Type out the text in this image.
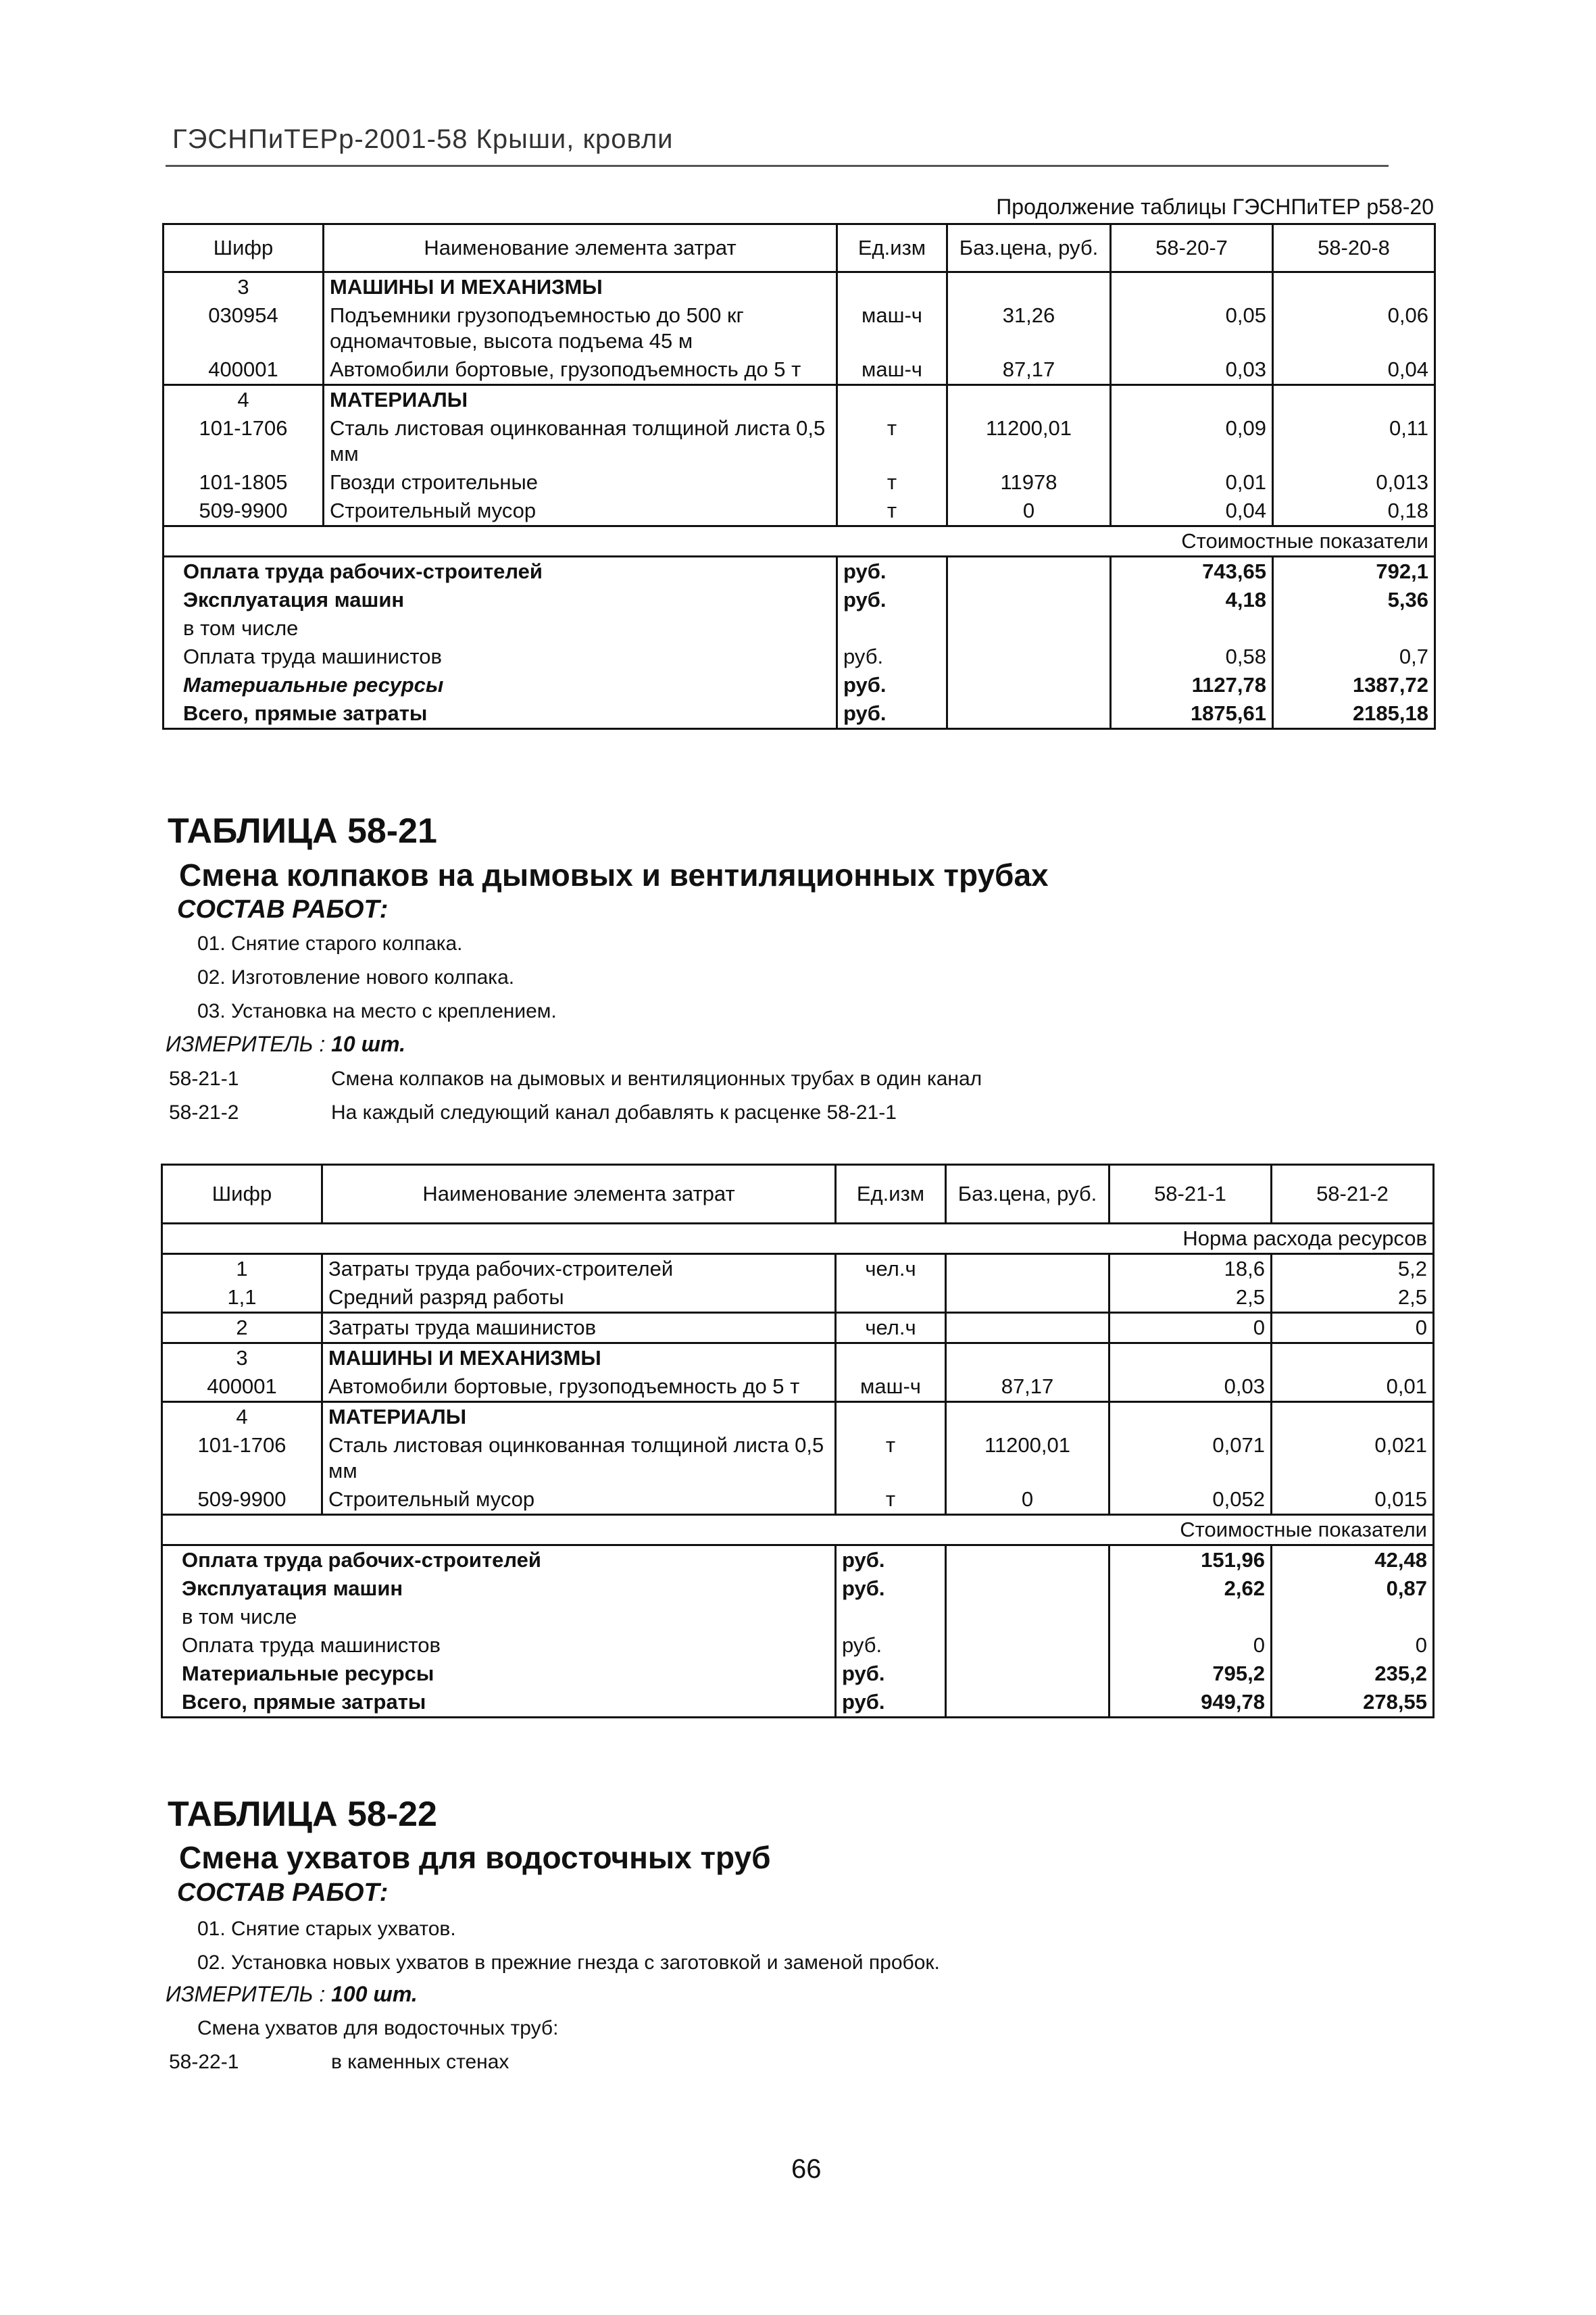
ГЭСНПиТЕРр-2001-58 Крыши, кровли
Продолжение таблицы ГЭСНПиТЕР р58-20
Шифр	Наименование элемента затрат	Ед.изм	Баз.цена, руб.	58-20-7	58-20-8
3	МАШИНЫ И МЕХАНИЗМЫ				
030954	Подъемники грузоподъемностью до 500 кг одномачтовые, высота подъема 45 м	маш-ч	31,26	0,05	0,06
400001	Автомобили бортовые, грузоподъемность до 5 т	маш-ч	87,17	0,03	0,04
4	МАТЕРИАЛЫ				
101-1706	Сталь листовая оцинкованная толщиной листа 0,5 мм	т	11200,01	0,09	0,11
101-1805	Гвозди строительные	т	11978	0,01	0,013
509-9900	Строительный мусор	т	0	0,04	0,18
Стоимостные показатели					
Оплата труда рабочих-строителей		руб.		743,65	792,1
Эксплуатация машин		руб.		4,18	5,36
в том числе					
Оплата труда машинистов		руб.		0,58	0,7
Материальные ресурсы		руб.		1127,78	1387,72
Всего, прямые затраты		руб.		1875,61	2185,18
ТАБЛИЦА 58-21
Смена колпаков на дымовых и вентиляционных трубах
СОСТАВ РАБОТ:
01. Снятие старого колпака.
02. Изготовление нового колпака.
03. Установка на место с креплением.
ИЗМЕРИТЕЛЬ : 10 шт.
58-21-1	Смена колпаков на дымовых и вентиляционных трубах в один канал
58-21-2	На каждый следующий канал добавлять к расценке 58-21-1
Шифр	Наименование элемента затрат	Ед.изм	Баз.цена, руб.	58-21-1	58-21-2
Норма расхода ресурсов					
1	Затраты труда рабочих-строителей	чел.ч		18,6	5,2
1,1	Средний разряд работы			2,5	2,5
2	Затраты труда машинистов	чел.ч		0	0
3	МАШИНЫ И МЕХАНИЗМЫ				
400001	Автомобили бортовые, грузоподъемность до 5 т	маш-ч	87,17	0,03	0,01
4	МАТЕРИАЛЫ				
101-1706	Сталь листовая оцинкованная толщиной листа 0,5 мм	т	11200,01	0,071	0,021
509-9900	Строительный мусор	т	0	0,052	0,015
Стоимостные показатели					
Оплата труда рабочих-строителей		руб.		151,96	42,48
Эксплуатация машин		руб.		2,62	0,87
в том числе					
Оплата труда машинистов		руб.		0	0
Материальные ресурсы		руб.		795,2	235,2
Всего, прямые затраты		руб.		949,78	278,55
ТАБЛИЦА 58-22
Смена ухватов для водосточных труб
СОСТАВ РАБОТ:
01. Снятие старых ухватов.
02. Установка новых ухватов в прежние гнезда с заготовкой и заменой пробок.
ИЗМЕРИТЕЛЬ : 100 шт.
Смена ухватов для водосточных труб:
58-22-1	в каменных стенах
66
